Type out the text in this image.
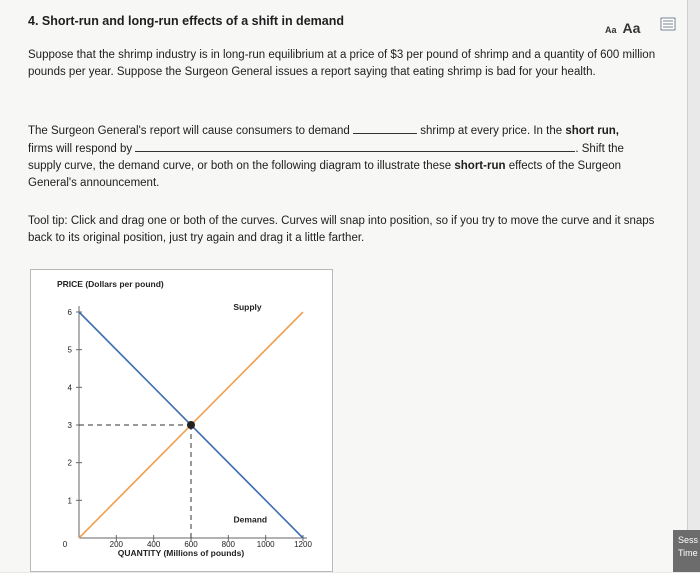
4. Short-run and long-run effects of a shift in demand
Aa Aa
Suppose that the shrimp industry is in long-run equilibrium at a price of $3 per pound of shrimp and a quantity of 600 million pounds per year. Suppose the Surgeon General issues a report saying that eating shrimp is bad for your health.
The Surgeon General's report will cause consumers to demand	shrimp at every price. In the short run,
firms will respond by	. Shift the
supply curve, the demand curve, or both on the following diagram to illustrate these short-run effects of the Surgeon General's announcement.
Tool tip: Click and drag one or both of the curves. Curves will snap into position, so if you try to move the curve and it snaps back to its original position, just try again and drag it a little farther.
PRICE (Dollars per pound)
1
2
3
4
5
6
0	200	400	600	800	1000 1200
QUANTITY (Millions of pounds)
Supply
Demand
Sess
Time
